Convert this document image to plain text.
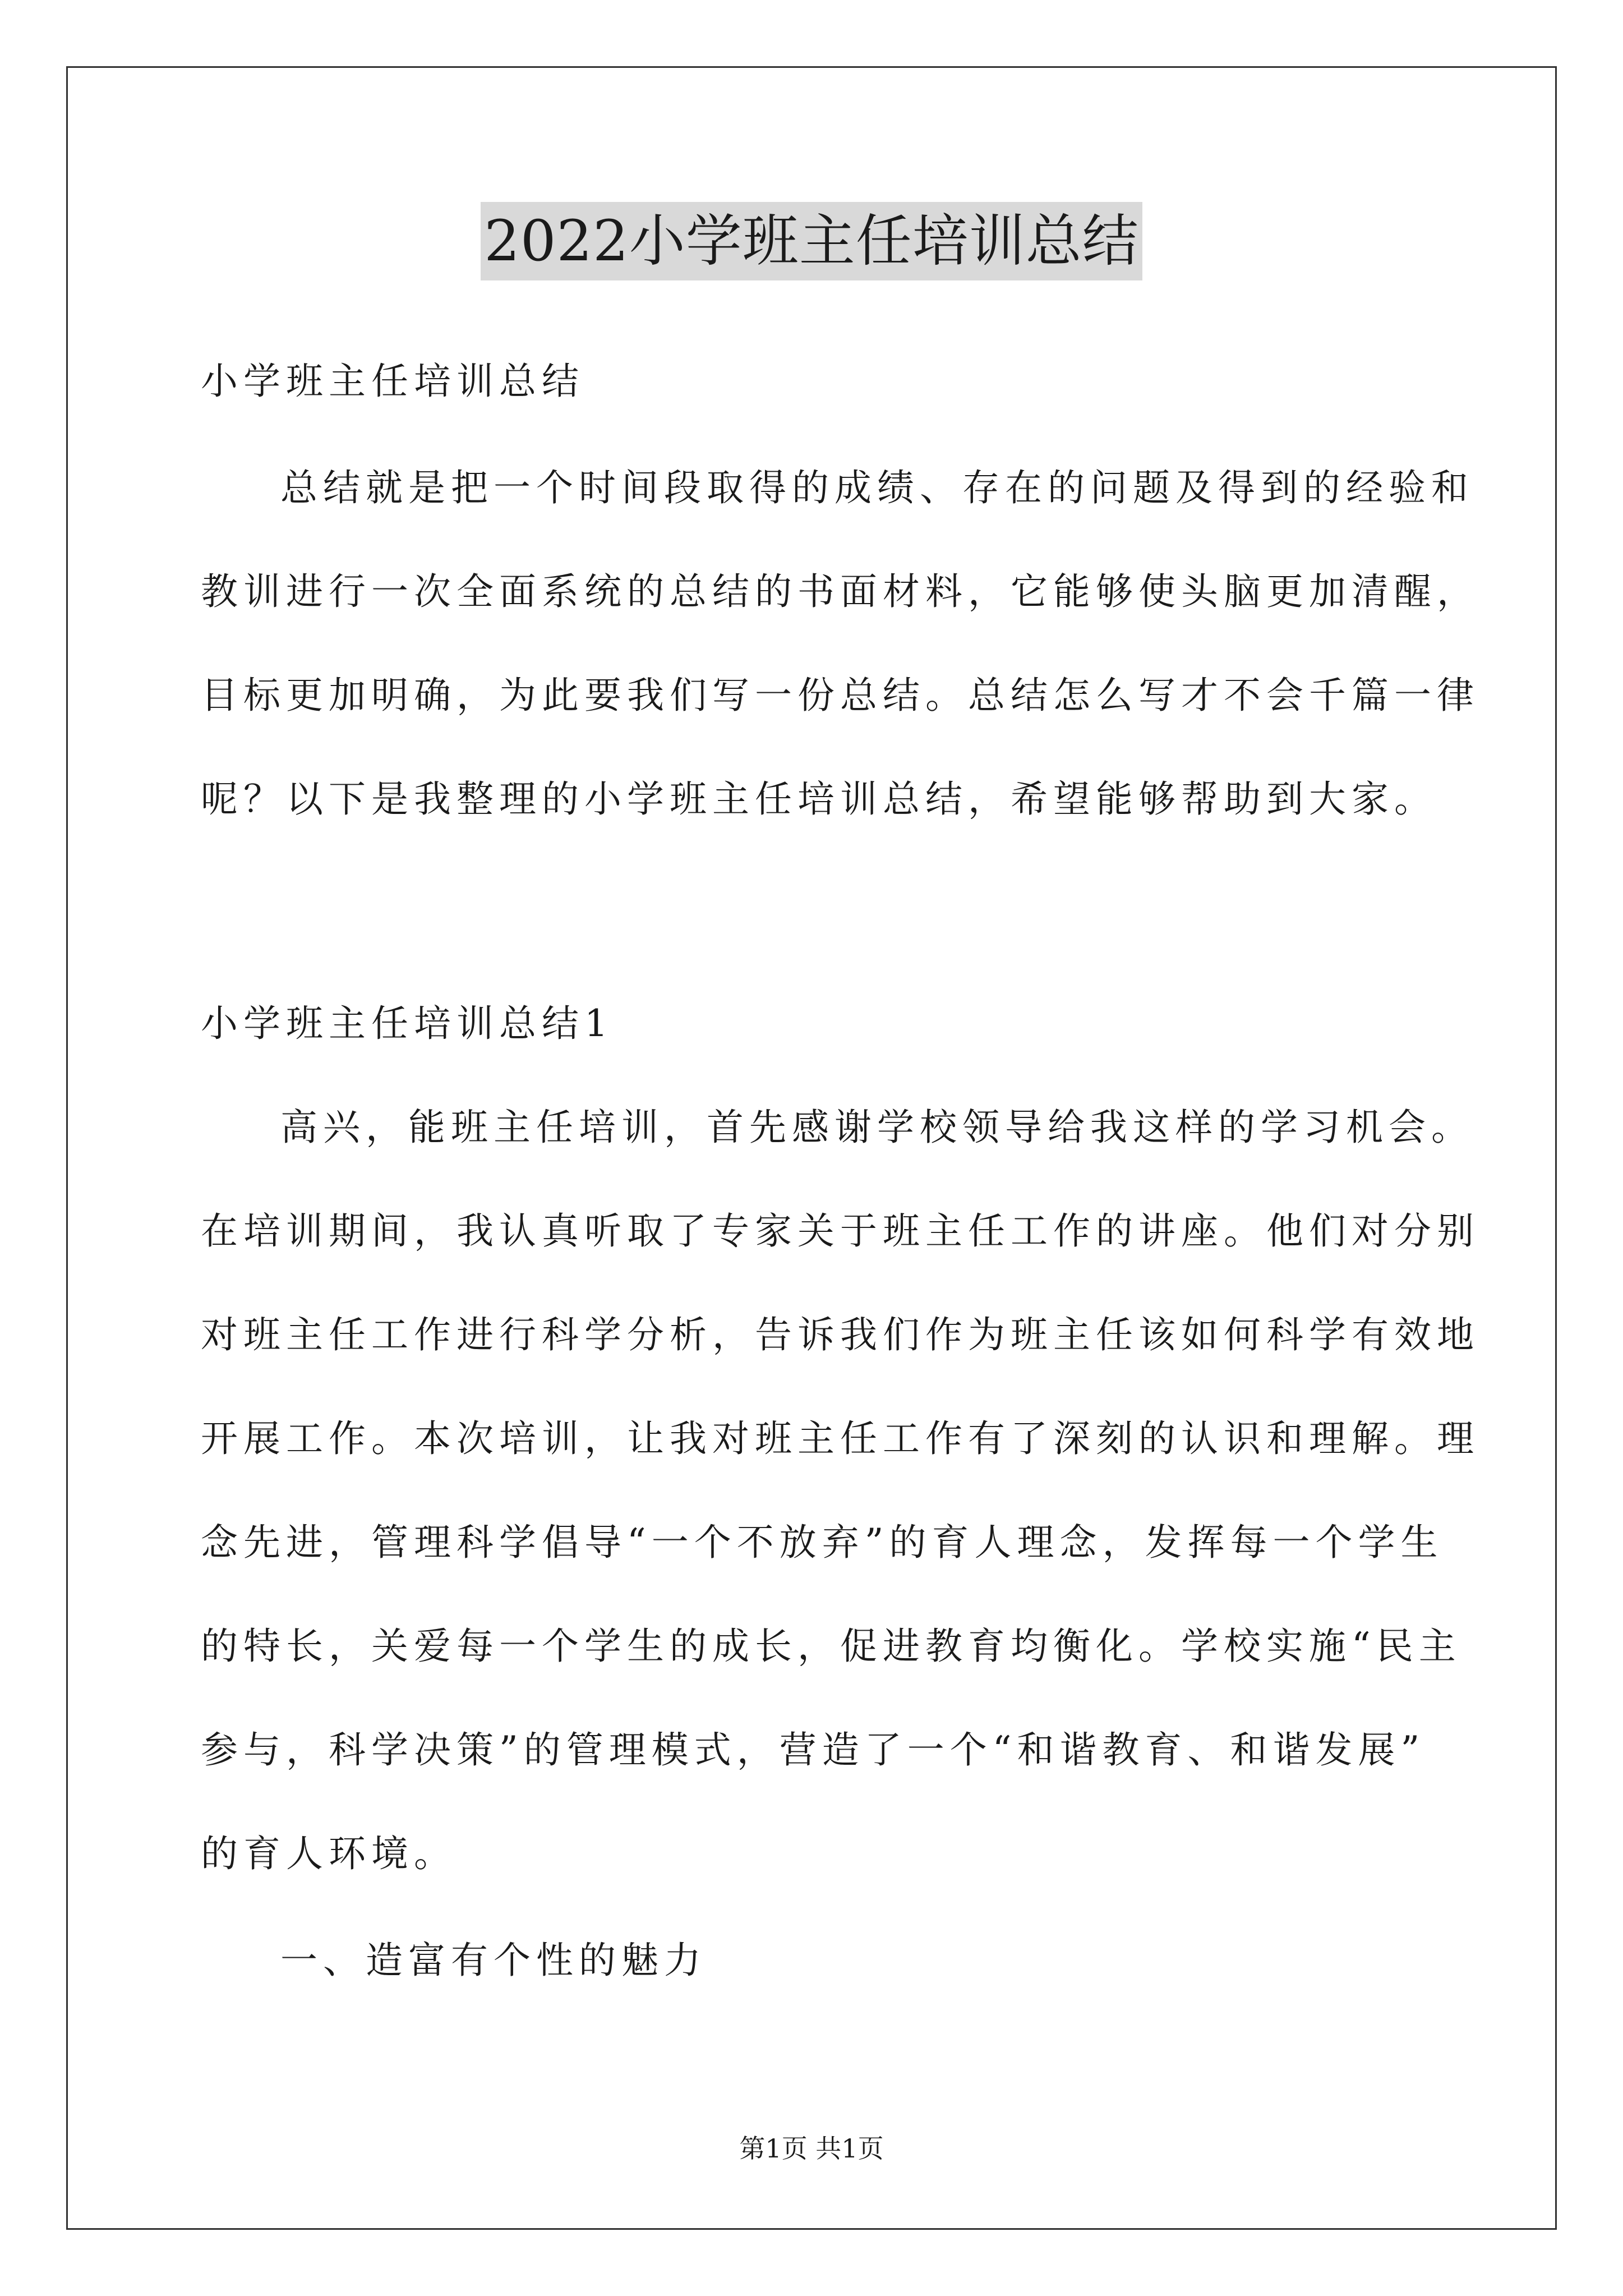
2022小学班主任培训总结
小学班主任培训总结
总结就是把一个时间段取得的成绩、存在的问题及得到的经验和
教训进行一次全面系统的总结的书面材料，它能够使头脑更加清醒，
目标更加明确，为此要我们写一份总结。总结怎么写才不会千篇一律
呢？以下是我整理的小学班主任培训总结，希望能够帮助到大家。
小学班主任培训总结1
高兴，能班主任培训，首先感谢学校领导给我这样的学习机会。
在培训期间，我认真听取了专家关于班主任工作的讲座。他们对分别
对班主任工作进行科学分析，告诉我们作为班主任该如何科学有效地
开展工作。本次培训，让我对班主任工作有了深刻的认识和理解。理
念先进，管理科学倡导“一个不放弃”的育人理念，发挥每一个学生
的特长，关爱每一个学生的成长，促进教育均衡化。学校实施“民主
参与，科学决策”的管理模式，营造了一个“和谐教育、和谐发展”
的育人环境。
一、造富有个性的魅力
第1页 共1页
